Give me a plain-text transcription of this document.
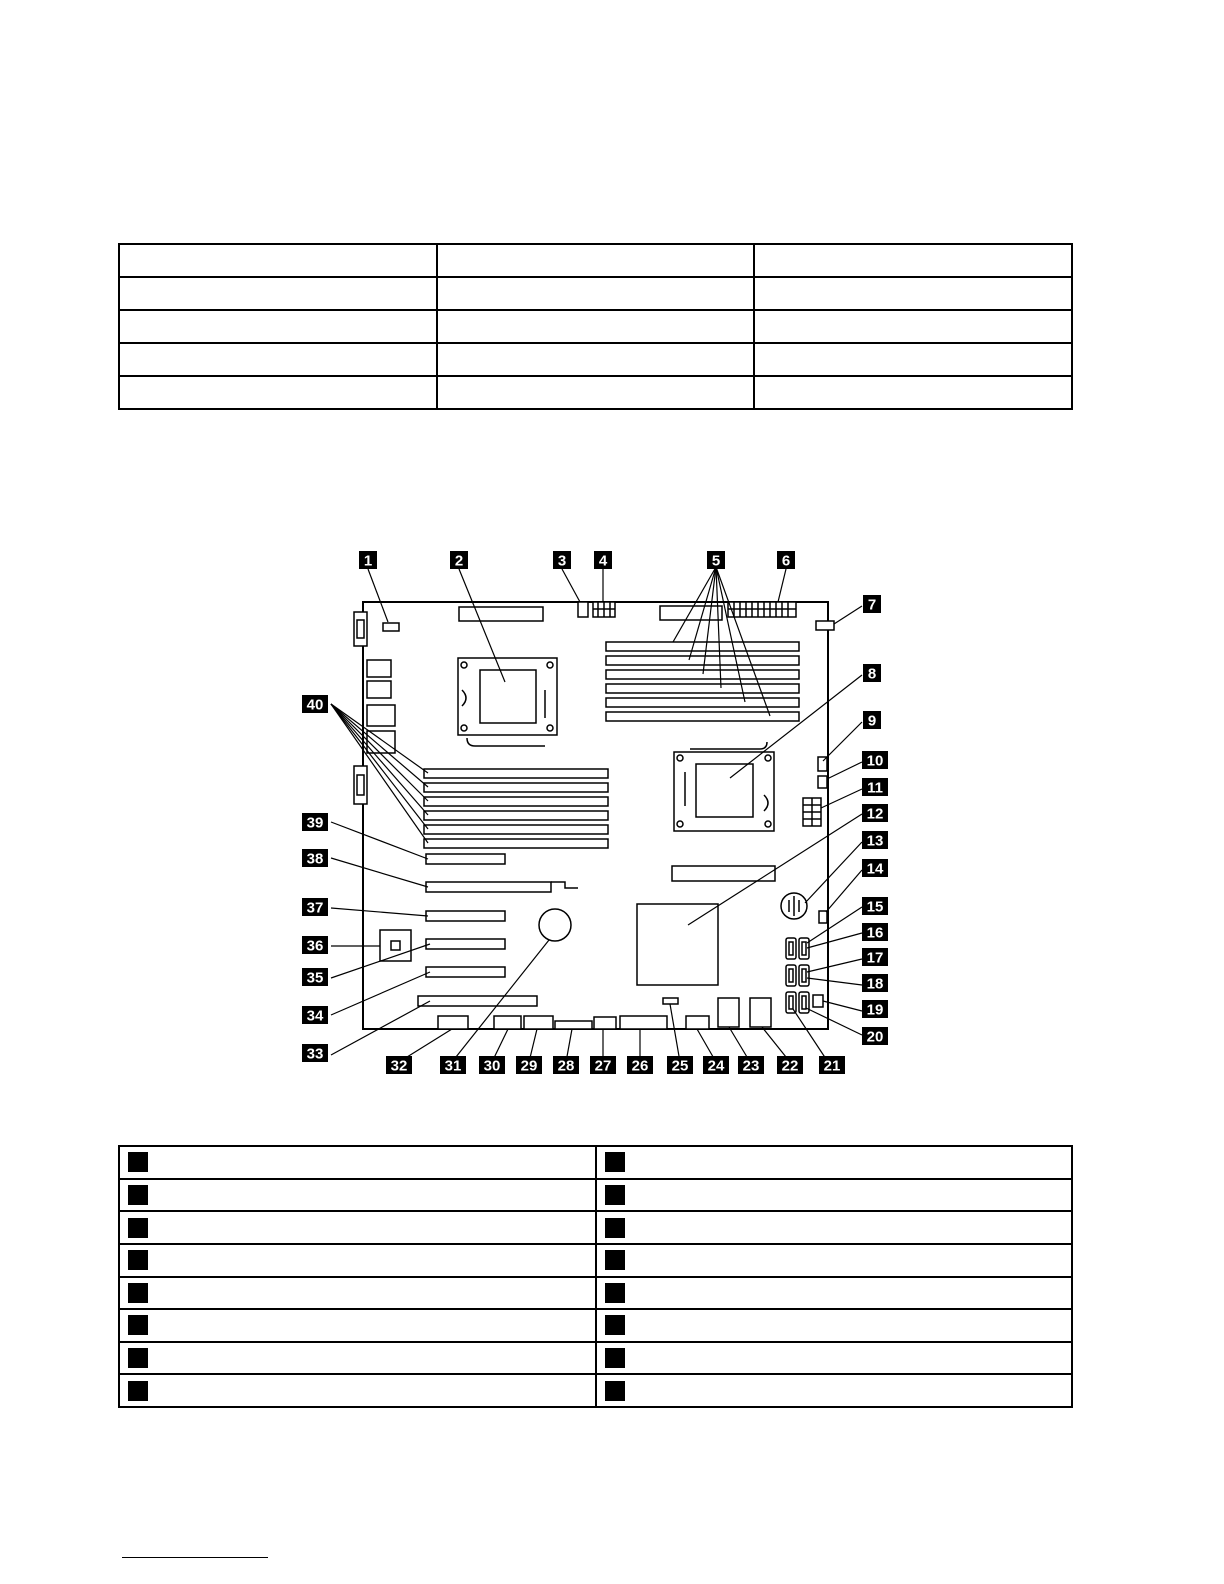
1	2	3 4	5	6
7
8
9
10
11
12
13
14
15
16
17
18
19
20
21
22
23
24
25
26
27
28
29
30
31
32
33
34
35
36
37
38
39
40
